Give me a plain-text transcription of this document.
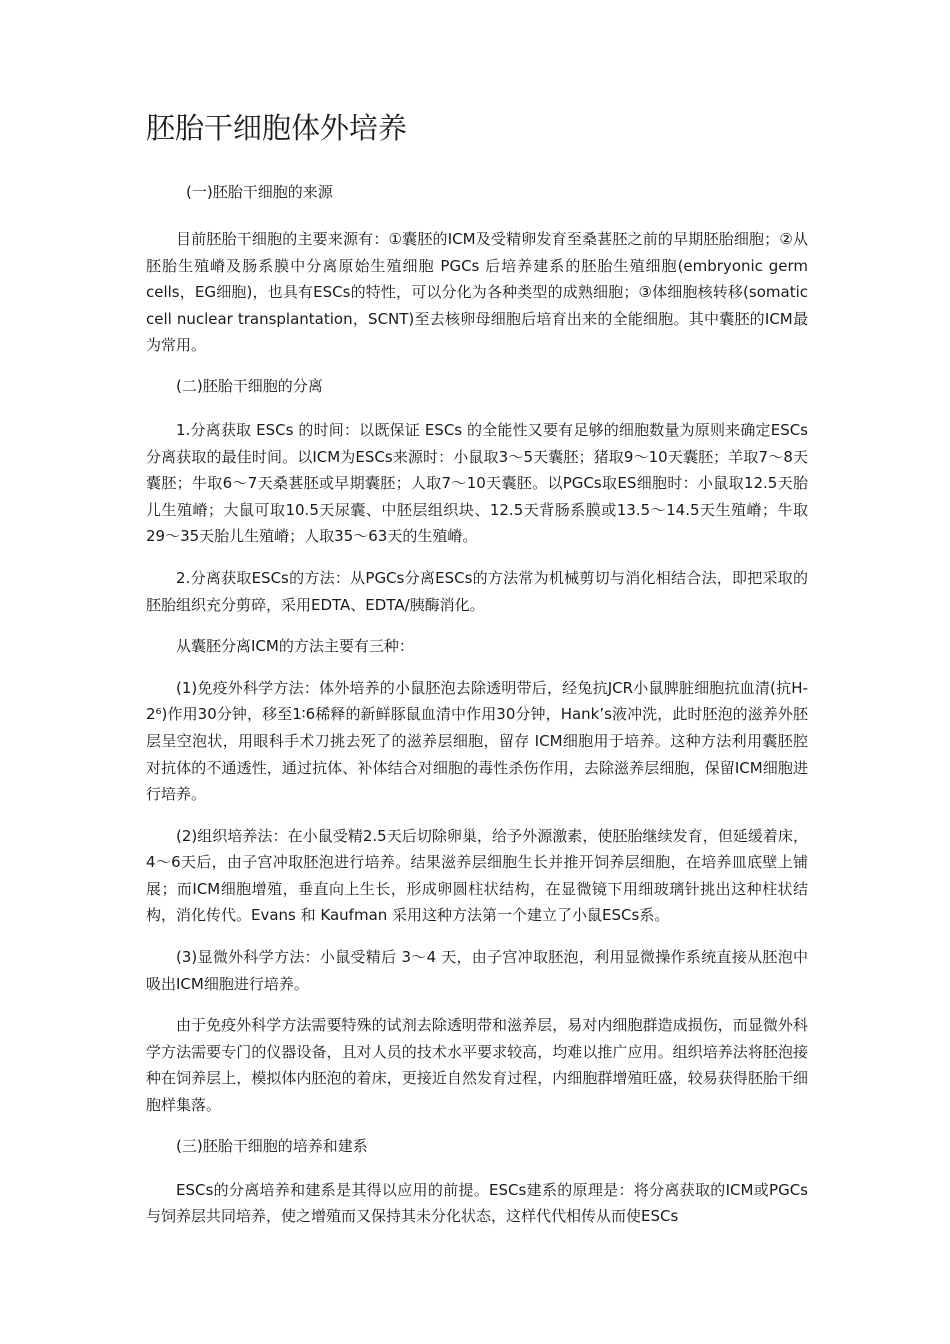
胚胎干细胞体外培养
(一)胚胎干细胞的来源

目前胚胎干细胞的主要来源有：①囊胚的ICM及受精卵发育至桑葚胚之前的早期胚胎细胞；②从胚胎生殖嵴及肠系膜中分离原始生殖细胞 PGCs 后培养建系的胚胎生殖细胞(embryonic germ cells，EG细胞)，也具有ESCs的特性，可以分化为各种类型的成熟细胞；③体细胞核转移(somatic cell nuclear transplantation，SCNT)至去核卵母细胞后培育出来的全能细胞。其中囊胚的ICM最为常用。

(二)胚胎干细胞的分离

1.分离获取 ESCs 的时间：以既保证 ESCs 的全能性又要有足够的细胞数量为原则来确定ESCs分离获取的最佳时间。以ICM为ESCs来源时：小鼠取3～5天囊胚；猪取9～10天囊胚；羊取7～8天囊胚；牛取6～7天桑葚胚或早期囊胚；人取7～10天囊胚。以PGCs取ES细胞时：小鼠取12.5天胎儿生殖嵴；大鼠可取10.5天尿囊、中胚层组织块、12.5天背肠系膜或13.5～14.5天生殖嵴；牛取29～35天胎儿生殖嵴；人取35～63天的生殖嵴。

2.分离获取ESCs的方法：从PGCs分离ESCs的方法常为机械剪切与消化相结合法，即把采取的胚胎组织充分剪碎，采用EDTA、EDTA/胰酶消化。

从囊胚分离ICM的方法主要有三种：

(1)免疫外科学方法：体外培养的小鼠胚泡去除透明带后，经兔抗JCR小鼠脾脏细胞抗血清(抗H-2⁶)作用30分钟，移至1∶6稀释的新鲜豚鼠血清中作用30分钟，Hank’s液冲洗，此时胚泡的滋养外胚层呈空泡状，用眼科手术刀挑去死了的滋养层细胞，留存 ICM细胞用于培养。这种方法利用囊胚腔对抗体的不通透性，通过抗体、补体结合对细胞的毒性杀伤作用，去除滋养层细胞，保留ICM细胞进行培养。

(2)组织培养法：在小鼠受精2.5天后切除卵巢，给予外源激素，使胚胎继续发育，但延缓着床，4～6天后，由子宫冲取胚泡进行培养。结果滋养层细胞生长并推开饲养层细胞，在培养皿底壁上铺展；而ICM细胞增殖，垂直向上生长，形成卵圆柱状结构，在显微镜下用细玻璃针挑出这种柱状结构，消化传代。Evans 和 Kaufman 采用这种方法第一个建立了小鼠ESCs系。

(3)显微外科学方法：小鼠受精后 3～4 天，由子宫冲取胚泡，利用显微操作系统直接从胚泡中吸出ICM细胞进行培养。

由于免疫外科学方法需要特殊的试剂去除透明带和滋养层，易对内细胞群造成损伤，而显微外科学方法需要专门的仪器设备，且对人员的技术水平要求较高，均难以推广应用。组织培养法将胚泡接种在饲养层上，模拟体内胚泡的着床，更接近自然发育过程，内细胞群增殖旺盛，较易获得胚胎干细胞样集落。

(三)胚胎干细胞的培养和建系

ESCs的分离培养和建系是其得以应用的前提。ESCs建系的原理是：将分离获取的ICM或PGCs与饲养层共同培养，使之增殖而又保持其未分化状态，这样代代相传从而使ESCs
